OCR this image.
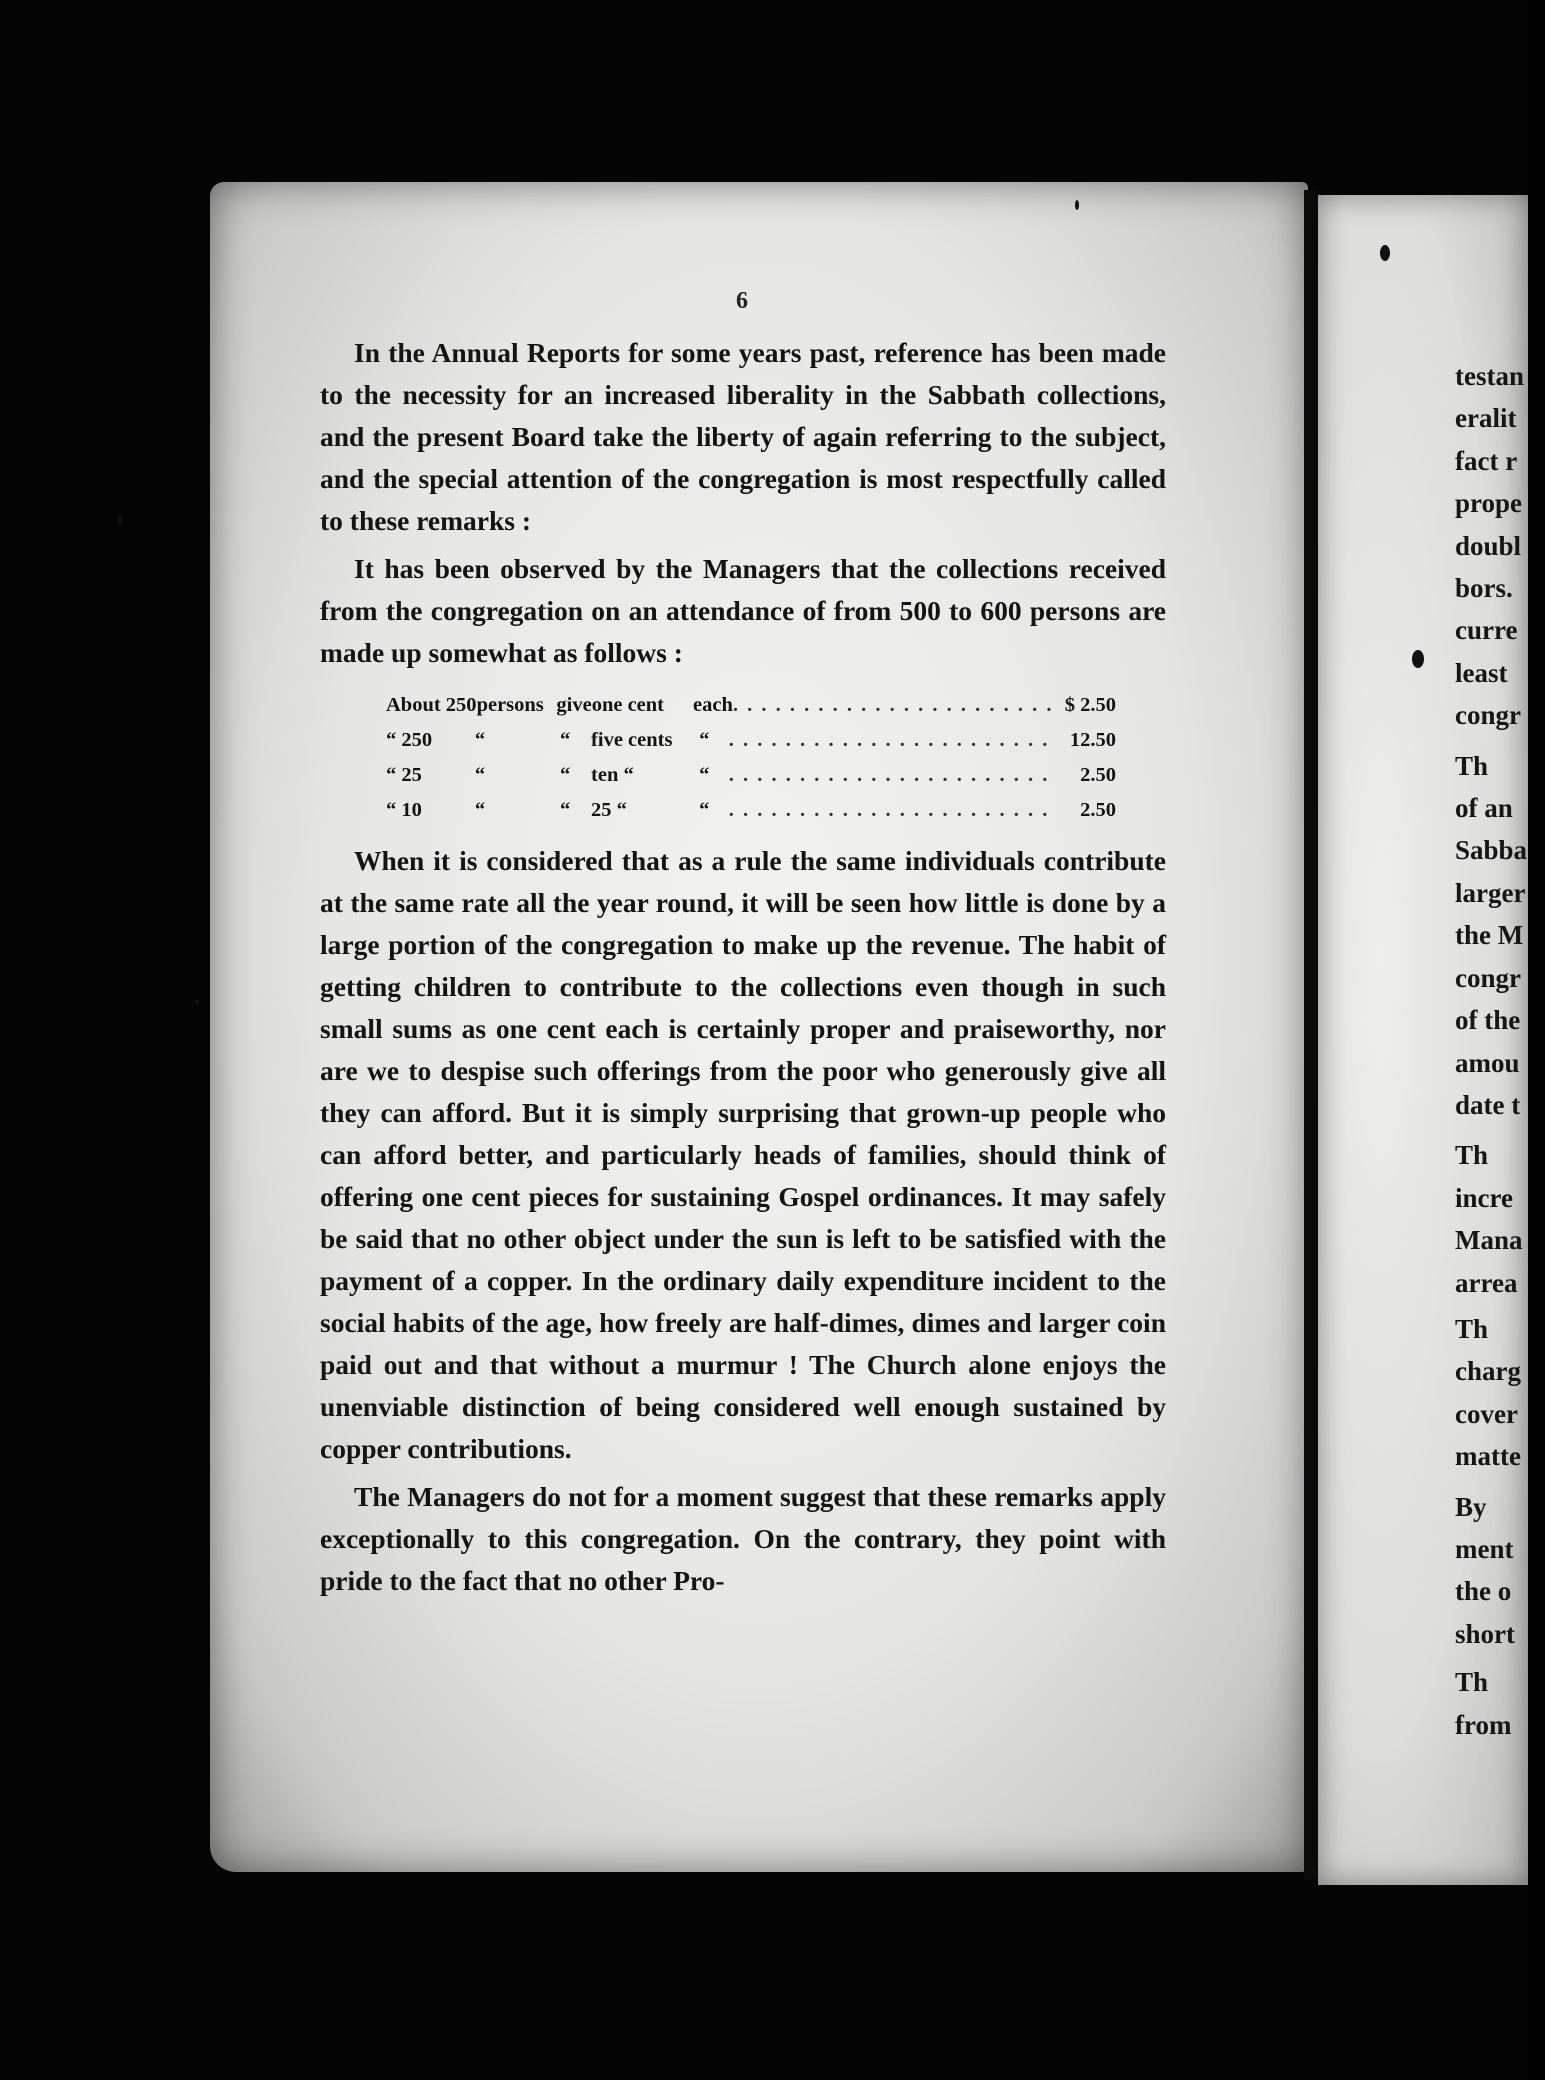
6

In the Annual Reports for some years past, reference has been made to the necessity for an increased liberality in the Sabbath collections, and the present Board take the liberty of again referring to the subject, and the special attention of the congregation is most respectfully called to these remarks :

It has been observed by the Managers that the collections received from the congregation on an attendance of from 500 to 600 persons are made up somewhat as follows :

About 250 persons give one cent	each . . . . . . . . . . . . . . . . . . . . . . . $ 2.50
“ 250	“	“	five cents	“ . . . . . . . . . . . . . . . . . . . . . . .	12.50
“ 25	“	“	ten “	“ . . . . . . . . . . . . . . . . . . . . . . .	2.50
“ 10	“	“	25 “	“ . . . . . . . . . . . . . . . . . . . . . . .	2.50

When it is considered that as a rule the same individuals contribute at the same rate all the year round, it will be seen how little is done by a large portion of the congregation to make up the revenue. The habit of getting children to contribute to the collections even though in such small sums as one cent each is certainly proper and praiseworthy, nor are we to despise such offerings from the poor who generously give all they can afford. But it is simply surprising that grown-up people who can afford better, and particularly heads of families, should think of offering one cent pieces for sustaining Gospel ordinances. It may safely be said that no other object under the sun is left to be satisfied with the payment of a copper. In the ordinary daily expenditure incident to the social habits of the age, how freely are half-dimes, dimes and larger coin paid out and that without a murmur ! The Church alone enjoys the unenviable distinction of being considered well enough sustained by copper contributions.

The Managers do not for a moment suggest that these remarks apply exceptionally to this congregation. On the contrary, they point with pride to the fact that no other Pro-

testan
eralit
fact r
prope
doubl
bors.
curre
least
congr
Th
of an
Sabba
larger
the M
congr
of the
amou
date t
Th
incre
Mana
arrea
Th
charg
cover
matte
By
ment
the o
short
Th
from
